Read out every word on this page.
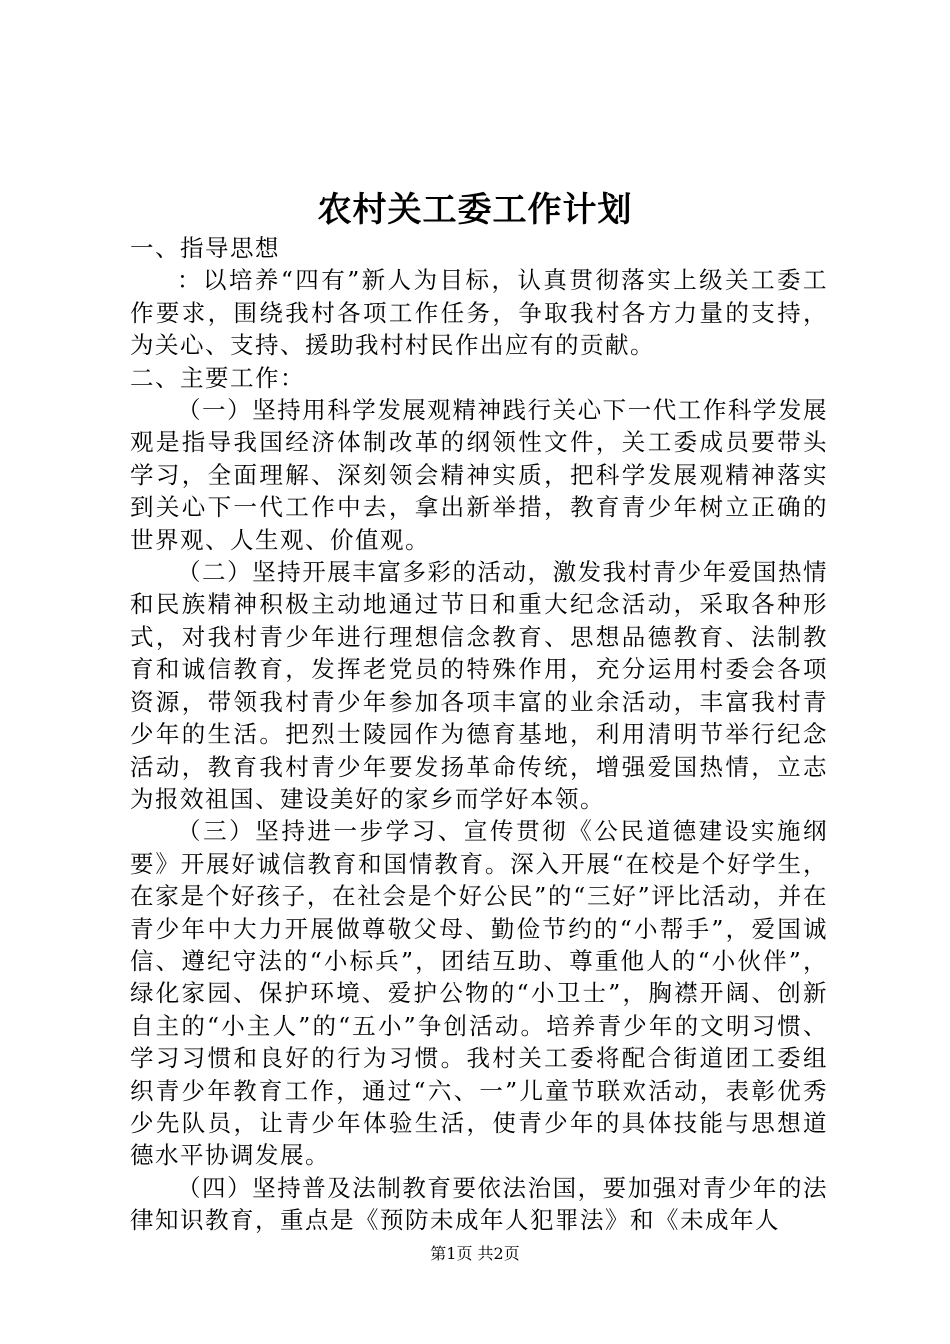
农村关工委工作计划

一、指导思想

：以培养“四有”新人为目标，认真贯彻落实上级关工委工作要求，围绕我村各项工作任务，争取我村各方力量的支持，为关心、支持、援助我村村民作出应有的贡献。

二、主要工作：

（一）坚持用科学发展观精神践行关心下一代工作科学发展观是指导我国经济体制改革的纲领性文件，关工委成员要带头学习，全面理解、深刻领会精神实质，把科学发展观精神落实到关心下一代工作中去，拿出新举措，教育青少年树立正确的世界观、人生观、价值观。

（二）坚持开展丰富多彩的活动，激发我村青少年爱国热情和民族精神积极主动地通过节日和重大纪念活动，采取各种形式，对我村青少年进行理想信念教育、思想品德教育、法制教育和诚信教育，发挥老党员的特殊作用，充分运用村委会各项资源，带领我村青少年参加各项丰富的业余活动，丰富我村青少年的生活。把烈士陵园作为德育基地，利用清明节举行纪念活动，教育我村青少年要发扬革命传统，增强爱国热情，立志为报效祖国、建设美好的家乡而学好本领。

（三）坚持进一步学习、宣传贯彻《公民道德建设实施纲要》开展好诚信教育和国情教育。深入开展“在校是个好学生，在家是个好孩子，在社会是个好公民”的“三好”评比活动，并在青少年中大力开展做尊敬父母、勤俭节约的“小帮手”，爱国诚信、遵纪守法的“小标兵”，团结互助、尊重他人的“小伙伴”，绿化家园、保护环境、爱护公物的“小卫士”，胸襟开阔、创新自主的“小主人”的“五小”争创活动。培养青少年的文明习惯、学习习惯和良好的行为习惯。我村关工委将配合街道团工委组织青少年教育工作，通过“六、一”儿童节联欢活动，表彰优秀少先队员，让青少年体验生活，使青少年的具体技能与思想道德水平协调发展。

（四）坚持普及法制教育要依法治国，要加强对青少年的法律知识教育，重点是《预防未成年人犯罪法》和《未成年人

第1页 共2页
